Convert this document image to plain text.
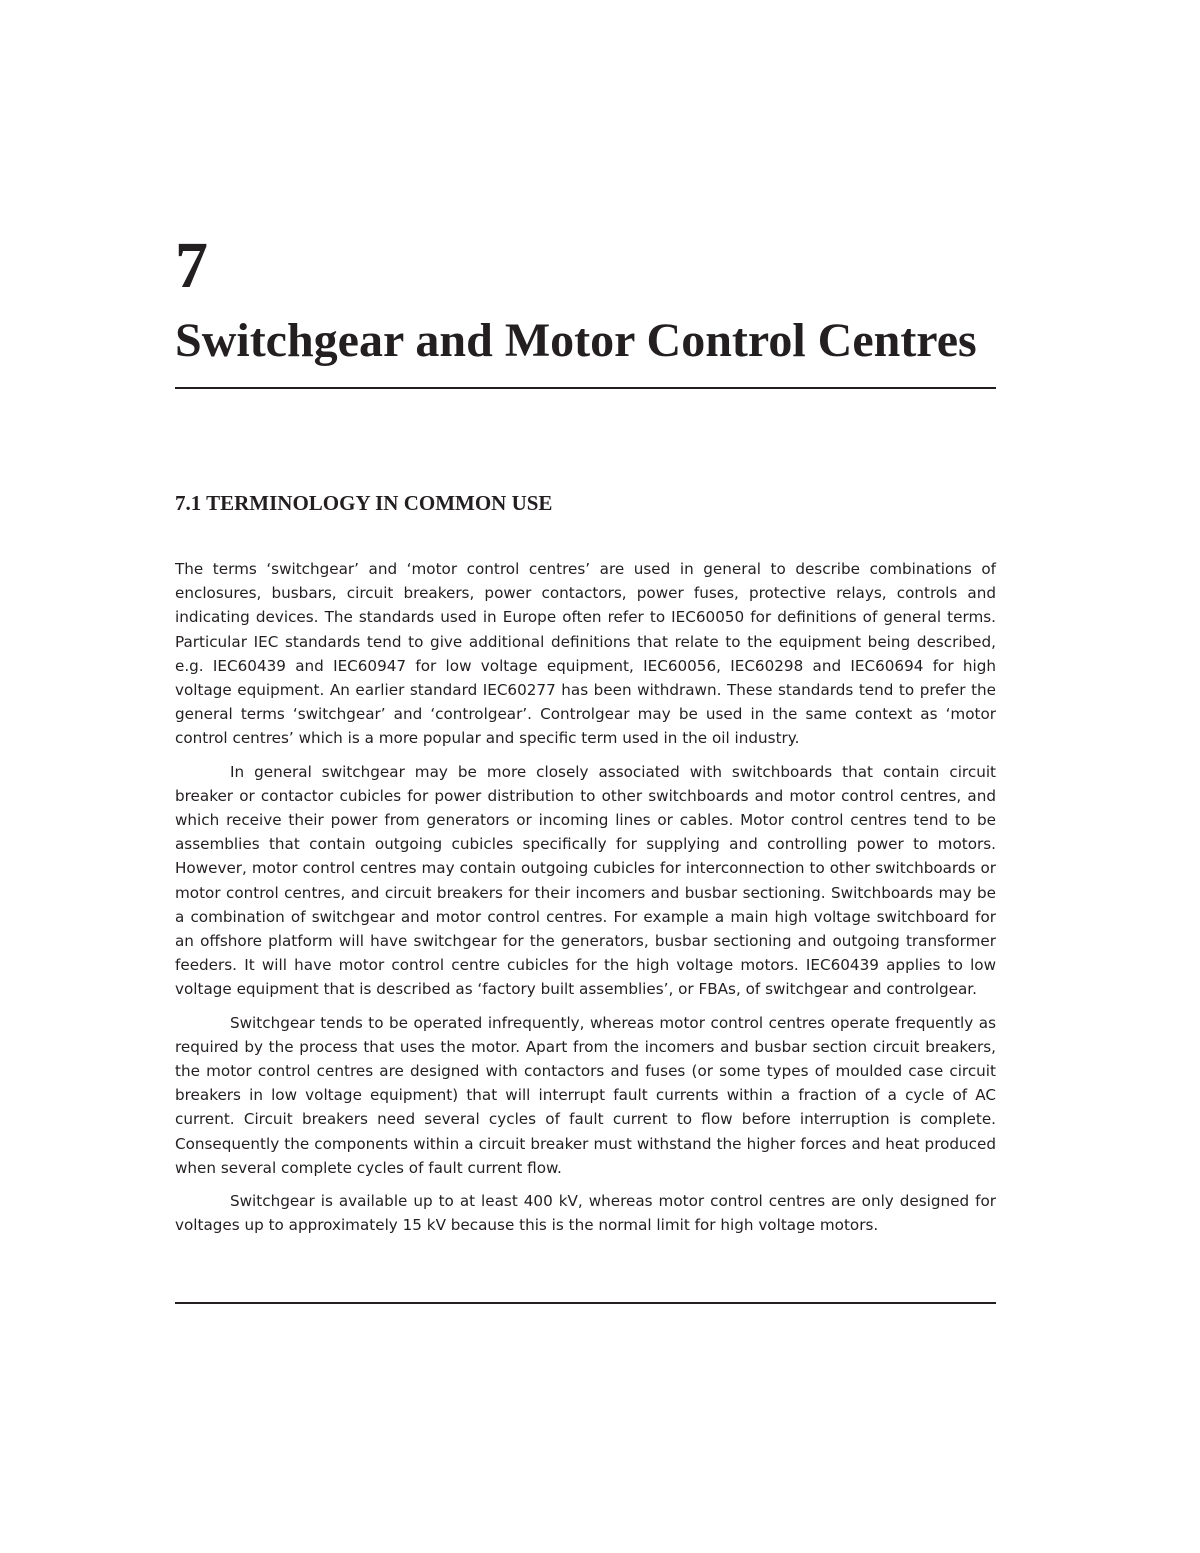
7
Switchgear and Motor Control Centres
7.1 TERMINOLOGY IN COMMON USE

The terms ‘switchgear’ and ‘motor control centres’ are used in general to describe combinations of enclosures, busbars, circuit breakers, power contactors, power fuses, protective relays, controls and indicating devices. The standards used in Europe often refer to IEC60050 for definitions of general terms. Particular IEC standards tend to give additional definitions that relate to the equipment being described, e.g. IEC60439 and IEC60947 for low voltage equipment, IEC60056, IEC60298 and IEC60694 for high voltage equipment. An earlier standard IEC60277 has been withdrawn. These standards tend to prefer the general terms ‘switchgear’ and ‘controlgear’. Controlgear may be used in the same context as ‘motor control centres’ which is a more popular and specific term used in the oil industry.

In general switchgear may be more closely associated with switchboards that contain circuit breaker or contactor cubicles for power distribution to other switchboards and motor control centres, and which receive their power from generators or incoming lines or cables. Motor control centres tend to be assemblies that contain outgoing cubicles specifically for supplying and controlling power to motors. However, motor control centres may contain outgoing cubicles for interconnection to other switchboards or motor control centres, and circuit breakers for their incomers and busbar sectioning. Switchboards may be a combination of switchgear and motor control centres. For example a main high voltage switchboard for an offshore platform will have switchgear for the generators, busbar sectioning and outgoing transformer feeders. It will have motor control centre cubicles for the high voltage motors. IEC60439 applies to low voltage equipment that is described as ‘factory built assemblies’, or FBAs, of switchgear and controlgear.

Switchgear tends to be operated infrequently, whereas motor control centres operate frequently as required by the process that uses the motor. Apart from the incomers and busbar section circuit breakers, the motor control centres are designed with contactors and fuses (or some types of moulded case circuit breakers in low voltage equipment) that will interrupt fault currents within a fraction of a cycle of AC current. Circuit breakers need several cycles of fault current to flow before interruption is complete. Consequently the components within a circuit breaker must withstand the higher forces and heat produced when several complete cycles of fault current flow.

Switchgear is available up to at least 400 kV, whereas motor control centres are only designed for voltages up to approximately 15 kV because this is the normal limit for high voltage motors.
